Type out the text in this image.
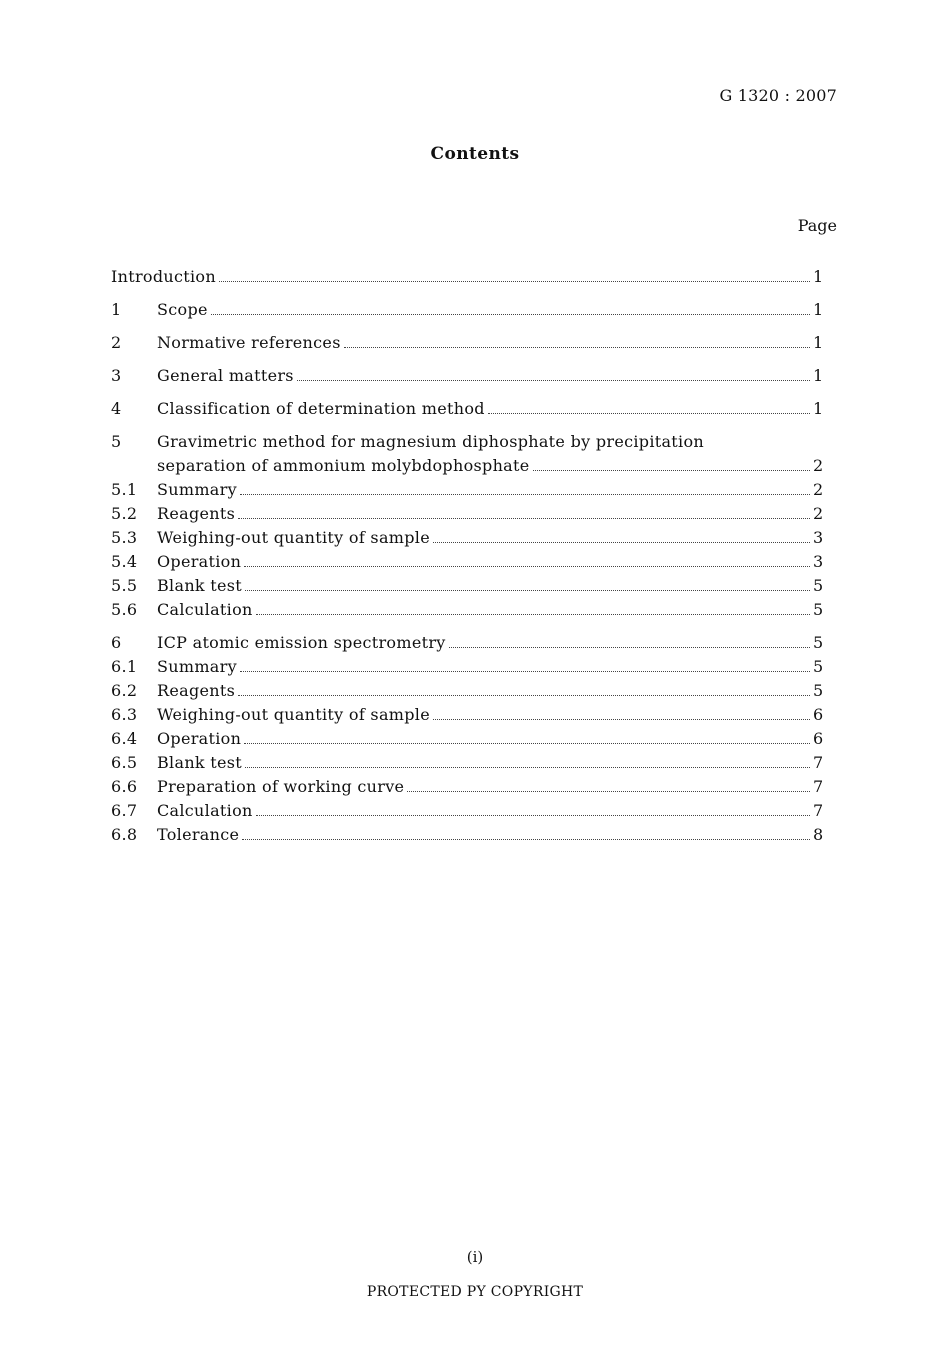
G 1320 : 2007
Contents
Page
Introduction	1
1	Scope	1
2	Normative references	1
3	General matters	1
4	Classification of determination method	1
5	Gravimetric method for magnesium diphosphate by precipitation
separation of ammonium molybdophosphate	2
5.1	Summary	2
5.2	Reagents	2
5.3	Weighing-out quantity of sample	3
5.4	Operation	3
5.5	Blank test	5
5.6	Calculation	5
6	ICP atomic emission spectrometry	5
6.1	Summary	5
6.2	Reagents	5
6.3	Weighing-out quantity of sample	6
6.4	Operation	6
6.5	Blank test	7
6.6	Preparation of working curve	7
6.7	Calculation	7
6.8	Tolerance	8
(i)
PROTECTED PY COPYRIGHT
